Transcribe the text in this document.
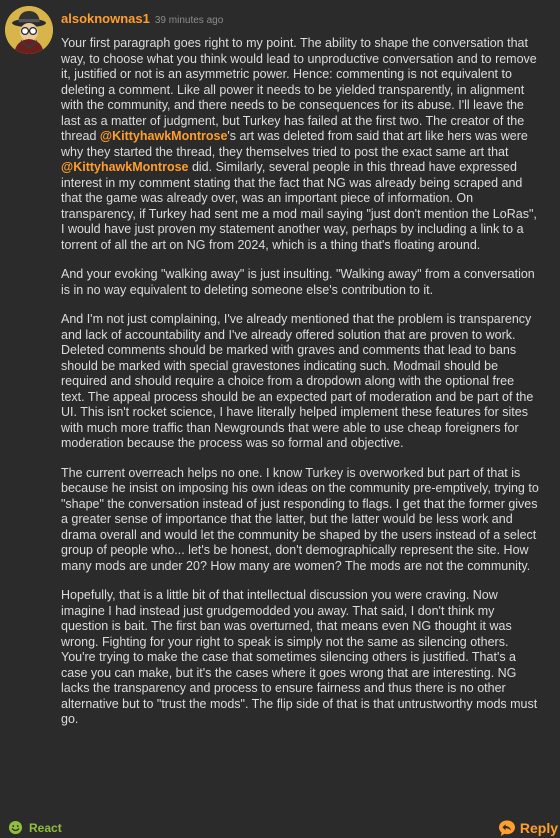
alsoknownas1 39 minutes ago

Your first paragraph goes right to my point. The ability to shape the conversation that way, to choose what you think would lead to unproductive conversation and to remove it, justified or not is an asymmetric power. Hence: commenting is not equivalent to deleting a comment. Like all power it needs to be yielded transparently, in alignment with the community, and there needs to be consequences for its abuse. I'll leave the last as a matter of judgment, but Turkey has failed at the first two. The creator of the thread @KittyhawkMontrose's art was deleted from said that art like hers was were why they started the thread, they themselves tried to post the exact same art that @KittyhawkMontrose did. Similarly, several people in this thread have expressed interest in my comment stating that the fact that NG was already being scraped and that the game was already over, was an important piece of information. On transparency, if Turkey had sent me a mod mail saying "just don't mention the LoRas", I would have just proven my statement another way, perhaps by including a link to a torrent of all the art on NG from 2024, which is a thing that's floating around.

And your evoking "walking away" is just insulting. "Walking away" from a conversation is in no way equivalent to deleting someone else's contribution to it.

And I'm not just complaining, I've already mentioned that the problem is transparency and lack of accountability and I've already offered solution that are proven to work. Deleted comments should be marked with graves and comments that lead to bans should be marked with special gravestones indicating such. Modmail should be required and should require a choice from a dropdown along with the optional free text. The appeal process should be an expected part of moderation and be part of the UI. This isn't rocket science, I have literally helped implement these features for sites with much more traffic than Newgrounds that were able to use cheap foreigners for moderation because the process was so formal and objective.

The current overreach helps no one. I know Turkey is overworked but part of that is because he insist on imposing his own ideas on the community pre-emptively, trying to "shape" the conversation instead of just responding to flags. I get that the former gives a greater sense of importance that the latter, but the latter would be less work and drama overall and would let the community be shaped by the users instead of a select group of people who... let's be honest, don't demographically represent the site. How many mods are under 20? How many are women? The mods are not the community.

Hopefully, that is a little bit of that intellectual discussion you were craving. Now imagine I had instead just grudgemodded you away. That said, I don't think my question is bait. The first ban was overturned, that means even NG thought it was wrong. Fighting for your right to speak is simply not the same as silencing others. You're trying to make the case that sometimes silencing others is justified. That's a case you can make, but it's the cases where it goes wrong that are interesting. NG lacks the transparency and process to ensure fairness and thus there is no other alternative but to "trust the mods". The flip side of that is that untrustworthy mods must go.

React	Reply
